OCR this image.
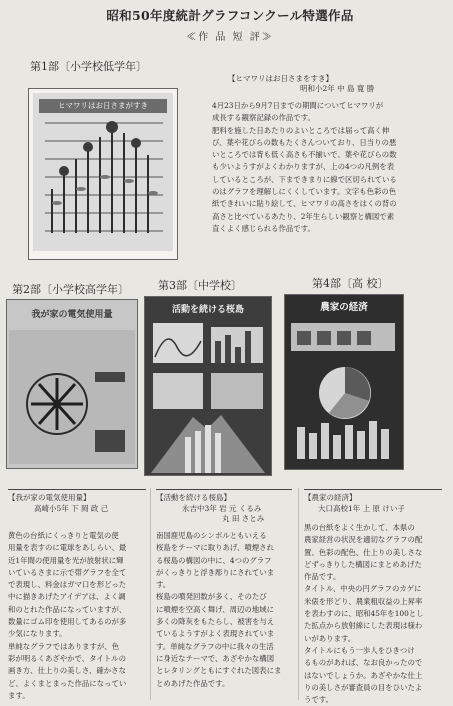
昭和50年度統計グラフコンクール特選作品
≪作 品 短 評≫
第1部〔小学校低学年〕
ヒマワリはお日さまがすき
【ヒマワリはお日さまをすき】
明和小2年 中 島 寛 勝
4月23日から9月7日までの期間についてヒマワリが
成長する観察記録の作品です。
肥料を施した日あたりのよいところでは届って高く伸
び、葉や花びらの数もたくさんついており、日当りの悪
いところでは背も低く高さも不揃いで、葉や花びらの数
も少いようすがよくわかりますが、上の4つの凡例を表
しているところが、下まできまりに線で区切られている
のはグラフを理解しにくくしています。文字も色彩の色
紙できれいに貼り絵して、ヒマワリの高さをはくの背の
高さと比べているあたり、2年生らしい観察と構図で素
直くよく感じられる作品です。
第2部〔小学校高学年〕	第3部〔中学校〕	第4部〔高 校〕
我が家の電気使用量	活動を続ける桜島	農家の経済
【我が家の電気使用量】
高崎小5年 下 岡 政 己
黄色の台紙にくっきりと電気の使
用量を表すのに電球をあしらい、最
近1年間の使用量を光が放射状に輝
いているさまに示で帯グラフを全て
で表現し、料金はガマ口を形どった
中に描きあげたアイデアは、よく調
和のとれた作品になっていますが、
数量にゴム印を使用してあるのが多
少気になります。
単純なグラフではありますが、色
彩が明るくあざやかで、タイトルの
画き方、仕上りの美しさ、確かさな
ど、よくまとまった作品になってい
ます。
【活動を続ける桜島】
永吉中3年 岩 元 くるみ
丸 田 さとみ
南国鹿児島のシンボルともいえる
桜島をテーマに取りあげ、噴煙され
る桜島の構図の中に、4つのグラフ
がくっきりと浮き彫りにされていま
す。
桜島の噴発回数が多く、そのたび
に噴煙を空高く舞げ、周辺の地域に
多くの降灰をもたらし、被害を与え
ているようすがよく表現されていま
す。単純なグラフの中に我々の生活
に身近なテーマで、あざやかな構図
とレタリングともにすぐれた図表にま
とめあげた作品です。
【農家の経済】
大口高校1年 上 原 けい子
黒の台紙をよく生かして、本県の
農家経営の状況を適切なグラフの配
置、色彩の配色、仕上りの美しさな
どずっきりした構図にまとめあげた
作品です。
タイトル、中央の円グラフのカゲに
米俵を形どり、農業粗収益の上昇率
を表わすのに、昭和45年を100とし
た拡点から放射線にした表現は様わ
いがあります。
タイトルにもう一歩人をひきつけ
るものがあれば、なお良かったので
はないでしょうか。あざやかな仕上
りの美しさが審査員の目をひいたよ
うです。
